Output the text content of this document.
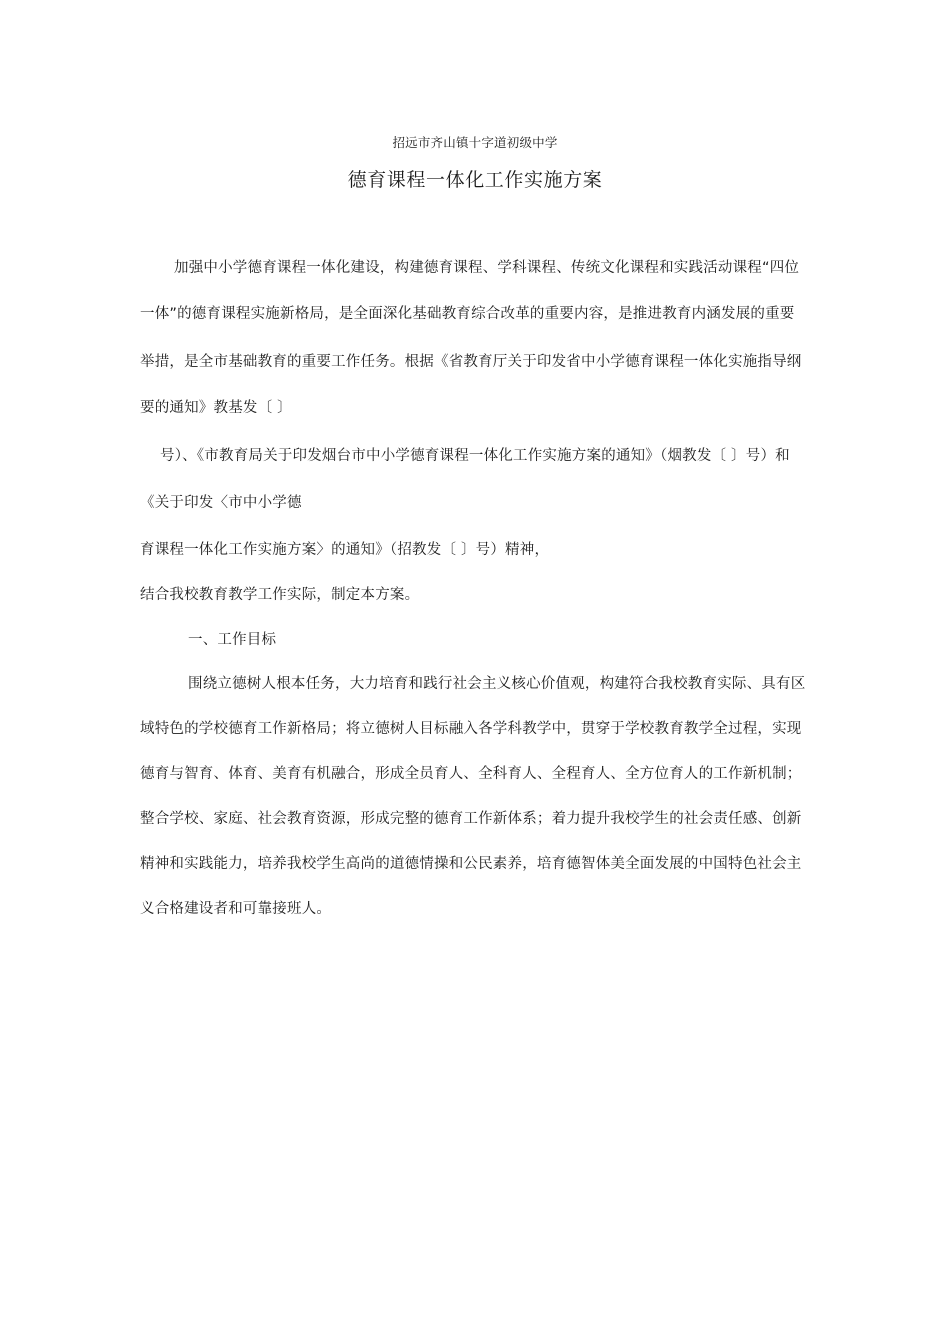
招远市齐山镇十字道初级中学
德育课程一体化工作实施方案
加强中小学德育课程一体化建设，构建德育课程、学科课程、传统文化课程和实践活动课程“四位
一体”的德育课程实施新格局，是全面深化基础教育综合改革的重要内容，是推进教育内涵发展的重要
举措，是全市基础教育的重要工作任务。根据《省教育厅关于印发省中小学德育课程一体化实施指导纲
要的通知》教基发〔 〕
号）、《市教育局关于印发烟台市中小学德育课程一体化工作实施方案的通知》（烟教发〔 〕号）和
《关于印发〈市中小学德
育课程一体化工作实施方案〉的通知》（招教发〔 〕号）精神，
结合我校教育教学工作实际，制定本方案。
一、工作目标
围绕立德树人根本任务，大力培育和践行社会主义核心价值观，构建符合我校教育实际、具有区
域特色的学校德育工作新格局；将立德树人目标融入各学科教学中，贯穿于学校教育教学全过程，实现
德育与智育、体育、美育有机融合，形成全员育人、全科育人、全程育人、全方位育人的工作新机制；
整合学校、家庭、社会教育资源，形成完整的德育工作新体系；着力提升我校学生的社会责任感、创新
精神和实践能力，培养我校学生高尚的道德情操和公民素养，培育德智体美全面发展的中国特色社会主
义合格建设者和可靠接班人。
